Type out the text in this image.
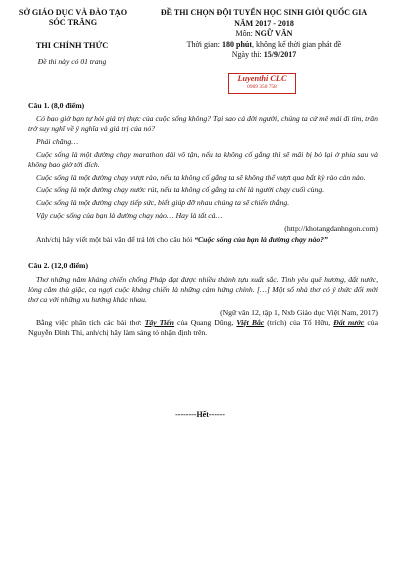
SỞ GIÁO DỤC VÀ ĐÀO TẠO
SÓC TRĂNG
ĐỀ THI CHỌN ĐỘI TUYỂN HỌC SINH GIỎI QUỐC GIA
NĂM 2017 - 2018
Môn: NGỮ VĂN
Thời gian: 180 phút, không kể thời gian phát đề
Ngày thi: 15/9/2017
THI CHÍNH THỨC
Đề thi này có 01 trang
Luyenthi CLC
0969 350 758
Câu 1. (8,0 điểm)

Có bao giờ bạn tự hỏi giá trị thực của cuộc sống không? Tại sao cả đời người, chúng ta cứ mê mải đi tìm, trăn trở suy nghĩ về ý nghĩa và giá trị của nó?

Phải chăng…

Cuộc sống là một đường chạy marathon dài vô tận, nếu ta không cố gắng thì sẽ mãi bị bỏ lại ở phía sau và không bao giờ tới đích.

Cuộc sống là một đường chạy vượt rào, nếu ta không cố gắng ta sẽ không thể vượt qua bất kỳ rào cản nào.

Cuộc sống là một đường chạy nước rút, nếu ta không cố gắng ta chỉ là người chạy cuối cùng.

Cuộc sống là một đường chạy tiếp sức, biết giúp đỡ nhau chúng ta sẽ chiến thắng.

Vậy cuộc sống của bạn là đường chạy nào… Hay là tất cả…

(http://khotangdanhngon.com)

Anh/chị hãy viết một bài văn để trả lời cho câu hỏi “Cuộc sống của bạn là đường chạy nào?”

Câu 2. (12,0 điểm)

Thơ những năm kháng chiến chống Pháp đạt được nhiều thành tựu xuất sắc. Tình yêu quê hương, đất nước, lòng căm thù giặc, ca ngợi cuộc kháng chiến là những cảm hứng chính. […] Một số nhà thơ có ý thức đổi mới thơ ca với những xu hướng khác nhau.

(Ngữ văn 12, tập 1, Nxb Giáo dục Việt Nam, 2017)

Bằng việc phân tích các bài thơ: Tây Tiến của Quang Dũng, Việt Bắc (trích) của Tố Hữu, Đất nước của Nguyễn Đình Thi, anh/chị hãy làm sáng tỏ nhận định trên.

--------Hết------
